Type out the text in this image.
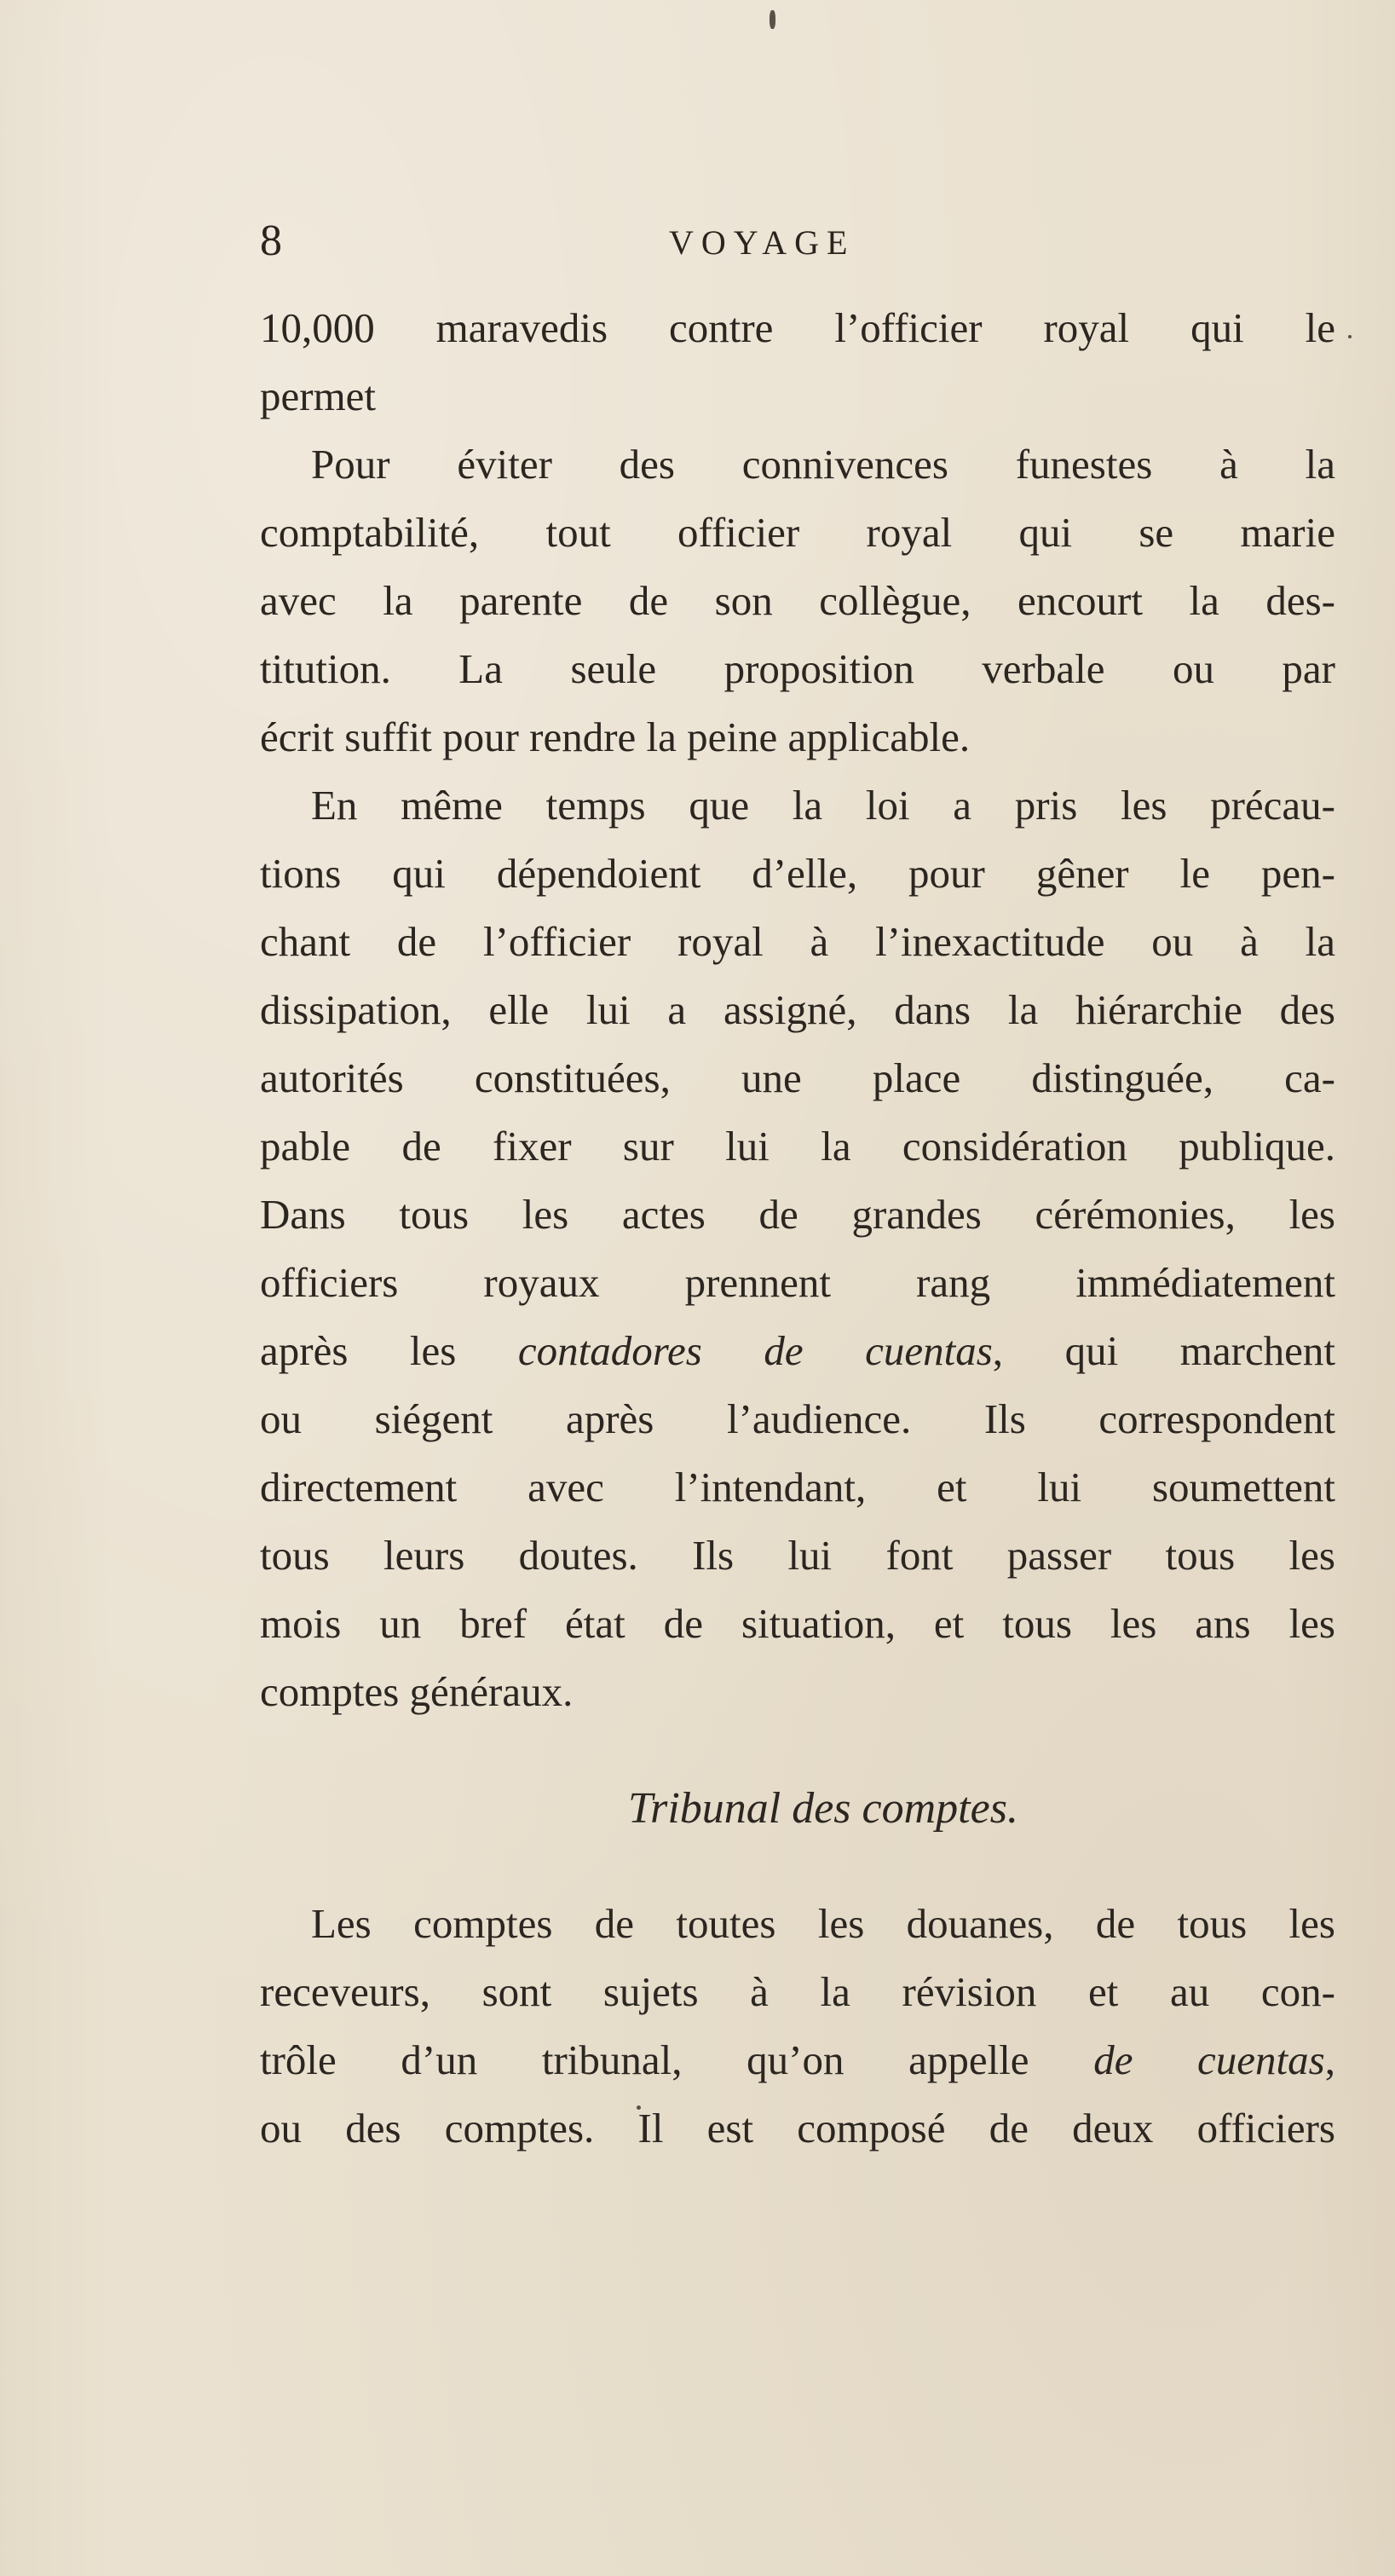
8	VOYAGE
10,000 maravedis contre l’officier royal qui le
permet
Pour éviter des connivences funestes à la
comptabilité, tout officier royal qui se marie
avec la parente de son collègue, encourt la des-
titution. La seule proposition verbale ou par
écrit suffit pour rendre la peine applicable.
En même temps que la loi a pris les précau-
tions qui dépendoient d’elle, pour gêner le pen-
chant de l’officier royal à l’inexactitude ou à la
dissipation, elle lui a assigné, dans la hiérarchie des
autorités constituées, une place distinguée, ca-
pable de fixer sur lui la considération publique.
Dans tous les actes de grandes cérémonies, les
officiers royaux prennent rang immédiatement
après les contadores de cuentas, qui marchent
ou siégent après l’audience. Ils correspondent
directement avec l’intendant, et lui soumettent
tous leurs doutes. Ils lui font passer tous les
mois un bref état de situation, et tous les ans les
comptes généraux.
Tribunal des comptes.
Les comptes de toutes les douanes, de tous les
receveurs, sont sujets à la révision et au con-
trôle d’un tribunal, qu’on appelle de cuentas,
ou des comptes. Il est composé de deux officiers
